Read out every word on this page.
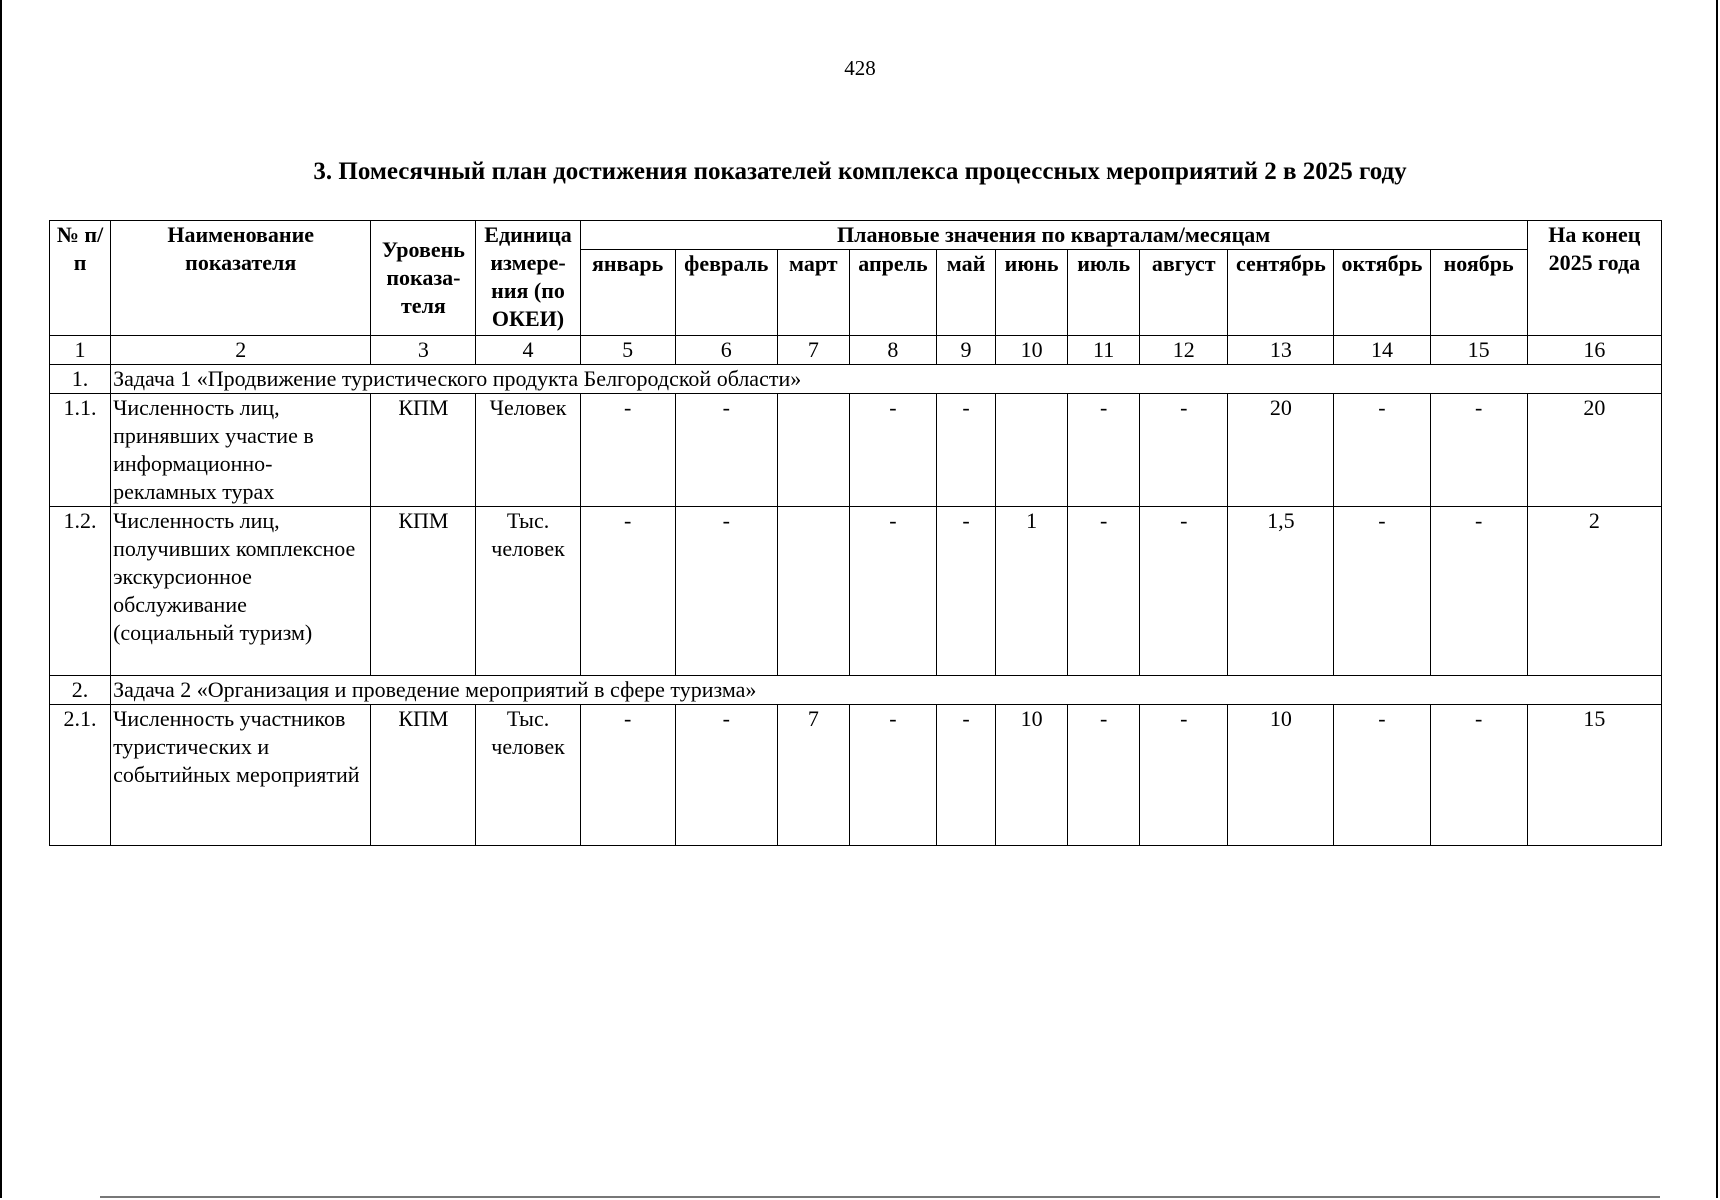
428
3. Помесячный план достижения показателей комплекса процессных мероприятий 2 в 2025 году
№ п/п	Наименование показателя	Уровень показа-теля	Единица измере-ния (по ОКЕИ)	Плановые значения по кварталам/месяцам											На конец 2025 года
				январь	февраль	март	апрель	май	июнь	июль	август	сентябрь	октябрь	ноябрь	
1	2	3	4	5	6	7	8	9	10	11	12	13	14	15	16
1.	Задача 1 «Продвижение туристического продукта Белгородской области»														
1.1.	Численность лиц, принявших участие в информационно-рекламных турах	КПМ	Человек	-	-		-	-		-	-	20	-	-	20
1.2.	Численность лиц, получивших комплексное экскурсионное обслуживание (социальный туризм)	КПМ	Тыс. человек	-	-		-	-	1	-	-	1,5	-	-	2
2.	Задача 2 «Организация и проведение мероприятий в сфере туризма»														
2.1.	Численность участников туристических и событийных мероприятий	КПМ	Тыс. человек	-	-	7	-	-	10	-	-	10	-	-	15
